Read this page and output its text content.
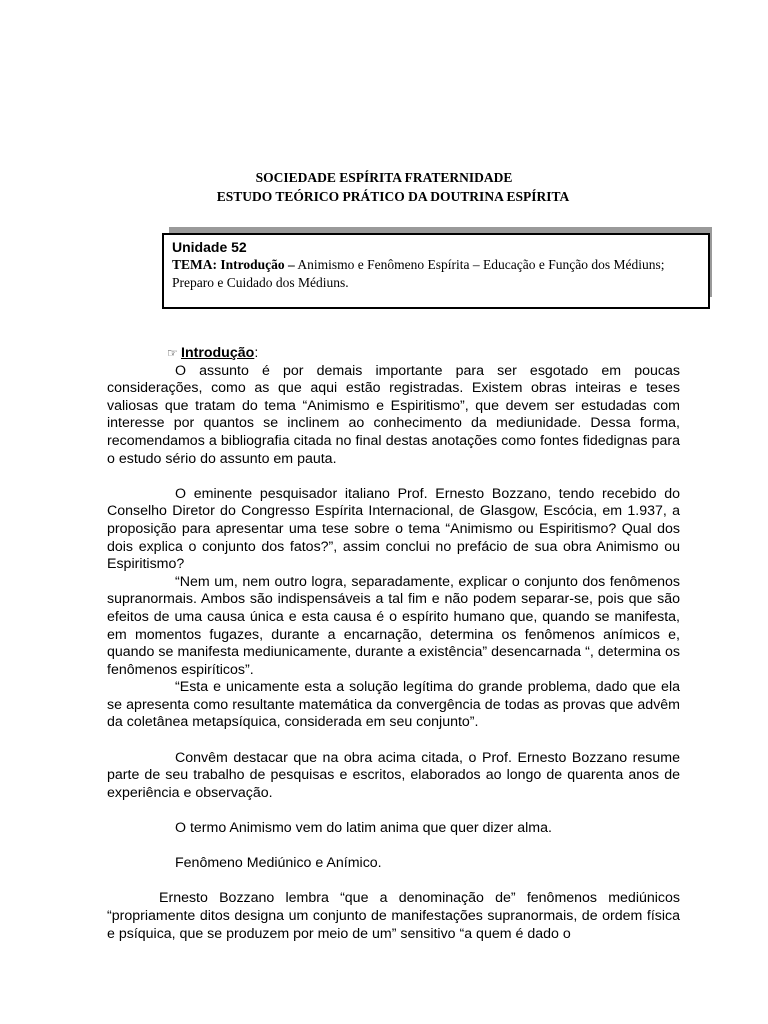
SOCIEDADE ESPÍRITA FRATERNIDADE
ESTUDO TEÓRICO PRÁTICO DA DOUTRINA ESPÍRITA
Unidade 52
TEMA: Introdução – Animismo e Fenômeno Espírita – Educação e Função dos Médiuns; Preparo e Cuidado dos Médiuns.
☞ Introdução:

O assunto é por demais importante para ser esgotado em poucas considerações, como as que aqui estão registradas. Existem obras inteiras e teses valiosas que tratam do tema “Animismo e Espiritismo”, que devem ser estudadas com interesse por quantos se inclinem ao conhecimento da mediunidade. Dessa forma, recomendamos a bibliografia citada no final destas anotações como fontes fidedignas para o estudo sério do assunto em pauta.

O eminente pesquisador italiano Prof. Ernesto Bozzano, tendo recebido do Conselho Diretor do Congresso Espírita Internacional, de Glasgow, Escócia, em 1.937, a proposição para apresentar uma tese sobre o tema “Animismo ou Espiritismo? Qual dos dois explica o conjunto dos fatos?”, assim conclui no prefácio de sua obra Animismo ou Espiritismo?

“Nem um, nem outro logra, separadamente, explicar o conjunto dos fenômenos supranormais. Ambos são indispensáveis a tal fim e não podem separar-se, pois que são efeitos de uma causa única e esta causa é o espírito humano que, quando se manifesta, em momentos fugazes, durante a encarnação, determina os fenômenos anímicos e, quando se manifesta mediunicamente, durante a existência” desencarnada “, determina os fenômenos espiríticos”.

“Esta e unicamente esta a solução legítima do grande problema, dado que ela se apresenta como resultante matemática da convergência de todas as provas que advêm da coletânea metapsíquica, considerada em seu conjunto”.

Convêm destacar que na obra acima citada, o Prof. Ernesto Bozzano resume parte de seu trabalho de pesquisas e escritos, elaborados ao longo de quarenta anos de experiência e observação.

O termo Animismo vem do latim anima que quer dizer alma.

Fenômeno Mediúnico e Anímico.

Ernesto Bozzano lembra “que a denominação de” fenômenos mediúnicos “propriamente ditos designa um conjunto de manifestações supranormais, de ordem física e psíquica, que se produzem por meio de um” sensitivo “a quem é dado o
